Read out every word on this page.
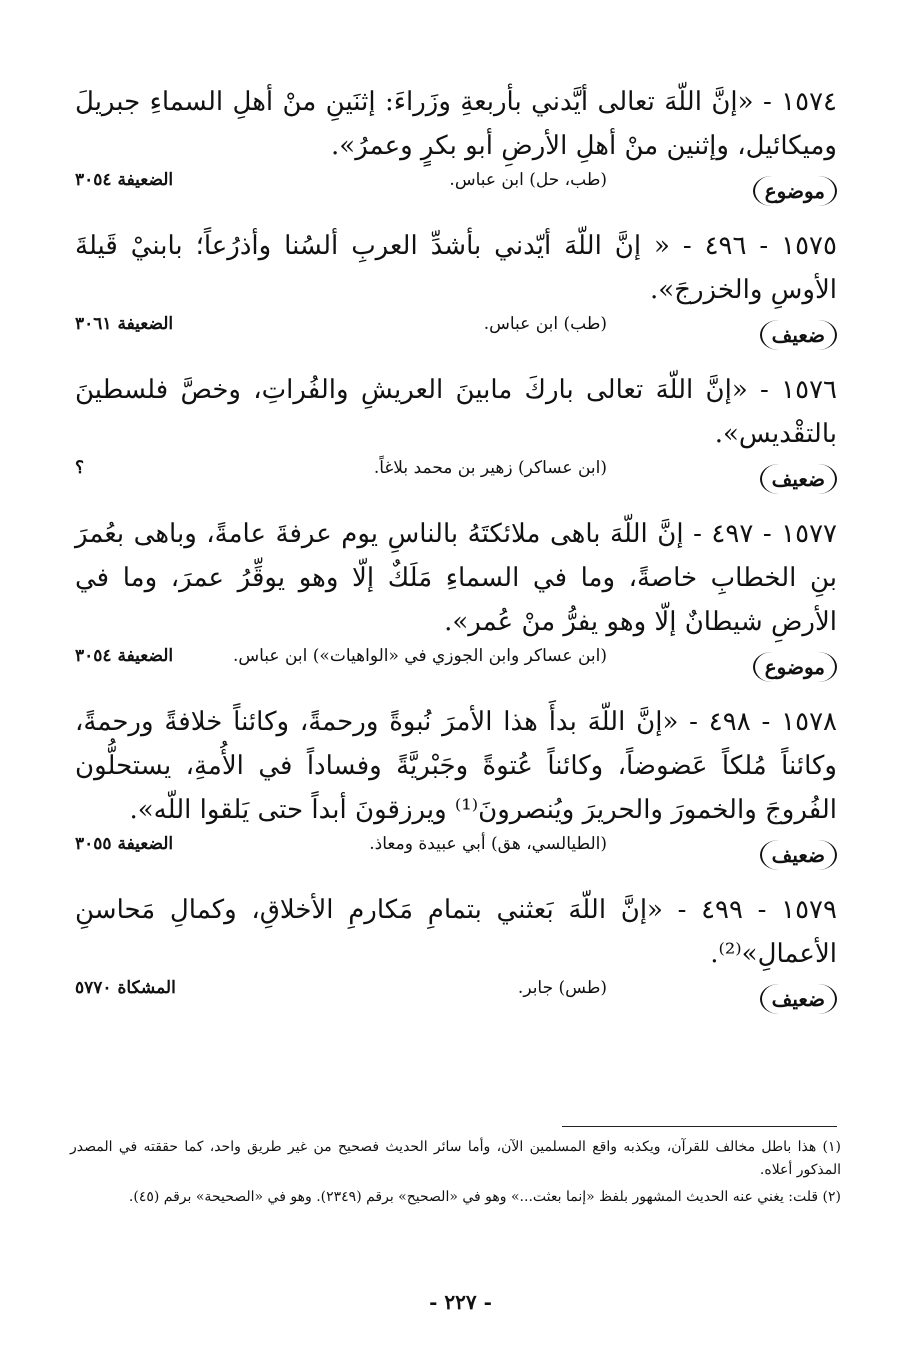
١٥٧٤ - «إنَّ اللّهَ تعالى أيَّدني بأربعةِ وزَراءَ: إثنَينِ منْ أهلِ السماءِ جبريلَ وميكائيل، وإثنين منْ أهلِ الأرضِ أبو بكرٍ وعمرُ».

موضوع
(طب، حل) ابن عباس.
الضعيفة ٣٠٥٤

١٥٧٥ - ٤٩٦ - « إنَّ اللّهَ أيّدني بأشدِّ العربِ ألسُنا وأذرُعاً؛ بابنيْ قَيلةَ الأوسِ والخزرجَ».

ضعيف
(طب) ابن عباس.
الضعيفة ٣٠٦١

١٥٧٦ - «إنَّ اللّهَ تعالى باركَ مابينَ العريشِ والفُراتِ، وخصَّ فلسطينَ بالتقْديس».

ضعيف
(ابن عساكر) زهير بن محمد بلاغاً.
؟

١٥٧٧ - ٤٩٧ - إنَّ اللّهَ باهى ملائكتَهُ بالناسِ يوم عرفةَ عامةً، وباهى بعُمرَ بنِ الخطابِ خاصةً، وما في السماءِ مَلَكٌ إلّا وهو يوقِّرُ عمرَ، وما في الأرضِ شيطانٌ إلّا وهو يفرُّ منْ عُمر».

موضوع
(ابن عساكر وابن الجوزي في «الواهيات») ابن عباس.
الضعيفة ٣٠٥٤

١٥٧٨ - ٤٩٨ - «إنَّ اللّهَ بدأَ هذا الأمرَ نُبوةً ورحمةً، وكائناً خلافةً ورحمةً، وكائناً مُلكاً عَضوضاً، وكائناً عُتوةً وجَبْريَّةً وفساداً في الأُمةِ، يستحلُّون الفُروجَ والخمورَ والحريرَ ويُنصرونَ⁽¹⁾ ويرزقونَ أبداً حتى يَلقوا اللّه».

ضعيف
(الطيالسي، هق) أبي عبيدة ومعاذ.
الضعيفة ٣٠٥٥

١٥٧٩ - ٤٩٩ - «إنَّ اللّهَ بَعثني بتمامِ مَكارمِ الأخلاقِ، وكمالِ مَحاسنِ الأعمالِ»⁽²⁾.

ضعيف
(طس) جابر.
المشكاة ٥٧٧٠

(١) هذا باطل مخالف للقرآن، ويكذبه واقع المسلمين الآن، وأما سائر الحديث فصحيح من غير طريق واحد، كما حققته في المصدر المذكور أعلاه.

(٢) قلت: يغني عنه الحديث المشهور بلفظ «إنما بعثت...» وهو في «الصحيح» برقم (٢٣٤٩). وهو في «الصحيحة» برقم (٤٥).

- ٢٢٧ -
